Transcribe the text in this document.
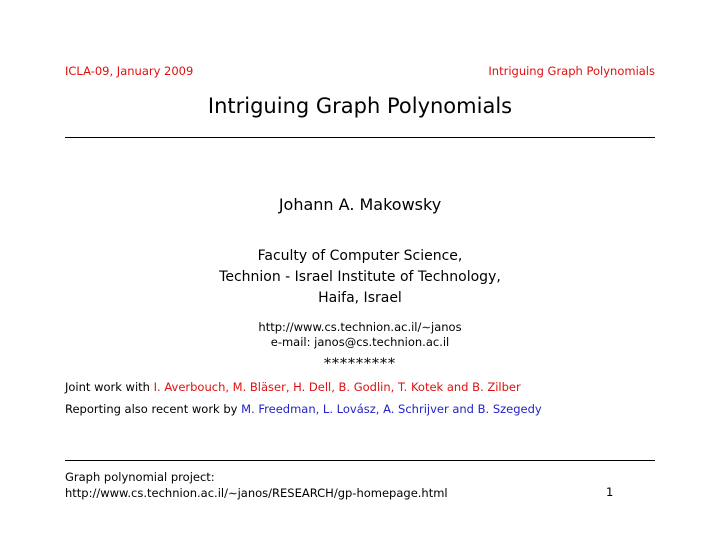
ICLA-09, January 2009	Intriguing Graph Polynomials
Intriguing Graph Polynomials
Johann A. Makowsky
Faculty of Computer Science,
Technion - Israel Institute of Technology,
Haifa, Israel
http://www.cs.technion.ac.il/∼janos
e-mail: janos@cs.technion.ac.il
*********
Joint work with I. Averbouch, M. Bläser, H. Dell, B. Godlin, T. Kotek and B. Zilber
Reporting also recent work by M. Freedman, L. Lovász, A. Schrijver and B. Szegedy
Graph polynomial project:
http://www.cs.technion.ac.il/∼janos/RESEARCH/gp-homepage.html	1
